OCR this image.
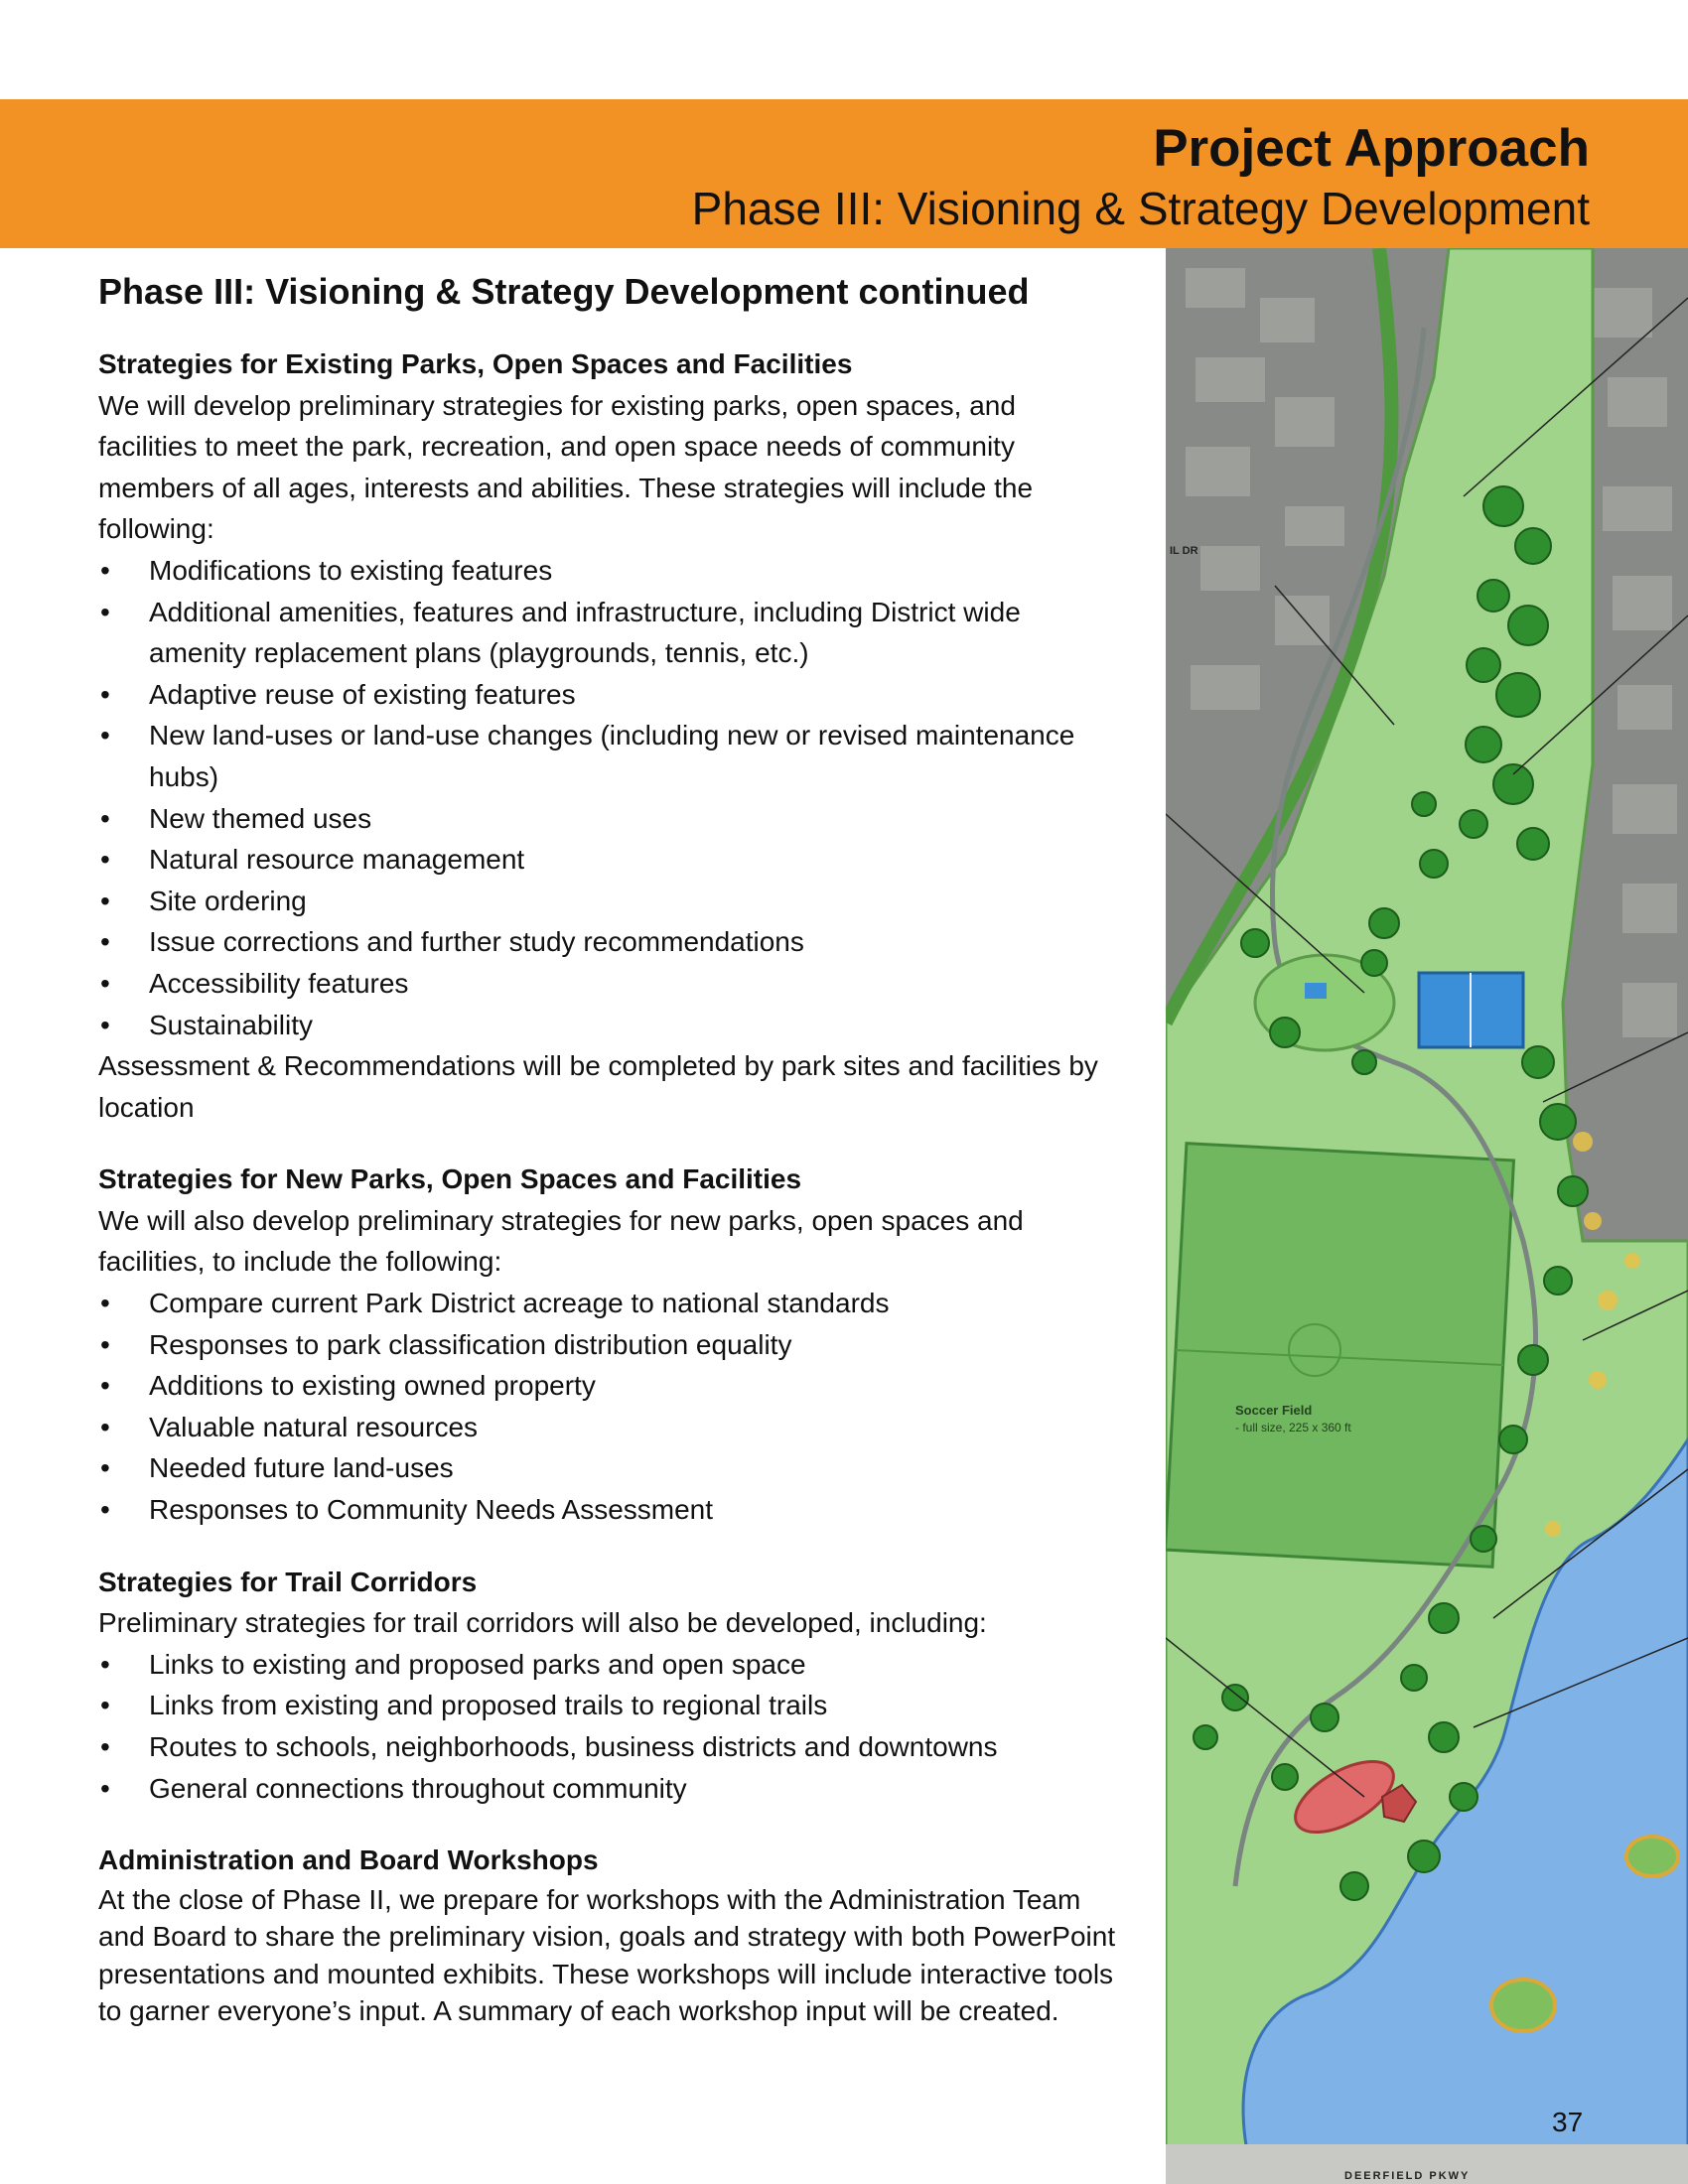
Project Approach
Phase III: Visioning & Strategy Development
Phase III: Visioning & Strategy Development continued
Strategies for Existing Parks, Open Spaces and Facilities

We will develop preliminary strategies for existing parks, open spaces, and facilities to meet the park, recreation, and open space needs of community members of all ages, interests and abilities. These strategies will include the following:

• Modifications to existing features
• Additional amenities, features and infrastructure, including District wide amenity replacement plans (playgrounds, tennis, etc.)
• Adaptive reuse of existing features
• New land-uses or land-use changes (including new or revised maintenance hubs)
• New themed uses
• Natural resource management
• Site ordering
• Issue corrections and further study recommendations
• Accessibility features
• Sustainability

Assessment & Recommendations will be completed by park sites and facilities by location

Strategies for New Parks, Open Spaces and Facilities

We will also develop preliminary strategies for new parks, open spaces and facilities, to include the following:

• Compare current Park District acreage to national standards
• Responses to park classification distribution equality
• Additions to existing owned property
• Valuable natural resources
• Needed future land-uses
• Responses to Community Needs Assessment
Strategies for Trail Corridors

Preliminary strategies for trail corridors will also be developed, including:

• Links to existing and proposed parks and open space
• Links from existing and proposed trails to regional trails
• Routes to schools, neighborhoods, business districts and downtowns
• General connections throughout community
Administration and Board Workshops

At the close of Phase II, we prepare for workshops with the Administration Team and Board to share the preliminary vision, goals and strategy with both PowerPoint presentations and mounted exhibits. These workshops will include interactive tools to garner everyone’s input. A summary of each workshop input will be created.

Soccer Field
- full size, 225 x 360 ft
IL DR
DEERFIELD PKWY
37
